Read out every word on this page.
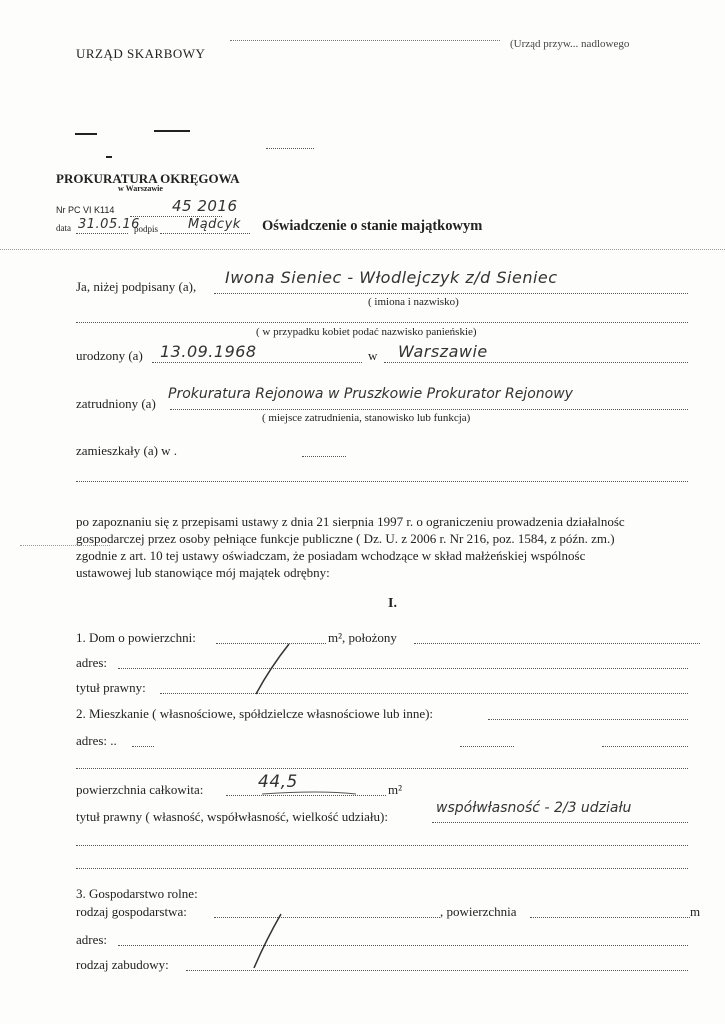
URZĄD SKARBOWY
(Urząd przyw... nadlowego
PROKURATURA OKRĘGOWA
w Warszawie
Nr PC VI K114	45 2016
data 31.05.16
podpis Mądcyk Oświadczenie o stanie majątkowym
Ja, niżej podpisany (a), Iwona Sieniec - Włodlejczyk z/d Sieniec
( imiona i nazwisko)
( w przypadku kobiet podać nazwisko panieńskie)
urodzony (a) 13.09.1968	w Warszawie
zatrudniony (a)
Prokuratura Rejonowa w Pruszkowie Prokurator Rejonowy
( miejsce zatrudnienia, stanowisko lub funkcja)
zamieszkały (a) w .
po zapoznaniu się z przepisami ustawy z dnia 21 sierpnia 1997 r. o ograniczeniu prowadzenia działalnośc
gospodarczej przez osoby pełniące funkcje publiczne ( Dz. U. z 2006 r. Nr 216, poz. 1584, z późn. zm.)
zgodnie z art. 10 tej ustawy oświadczam, że posiadam wchodzące w skład małżeńskiej wspólnośc
ustawowej lub stanowiące mój majątek odrębny:
I.
1. Dom o powierzchni:	m², położony
adres:
tytuł prawny:
2. Mieszkanie ( własnościowe, spółdzielcze własnościowe lub inne):
adres: ..
powierzchnia całkowita:	44,5	m²
tytuł prawny ( własność, współwłasność, wielkość udziału):
współwłasność - 2/3 udziału
3. Gospodarstwo rolne:
rodzaj gospodarstwa:	, powierzchnia	m
adres:
rodzaj zabudowy:
